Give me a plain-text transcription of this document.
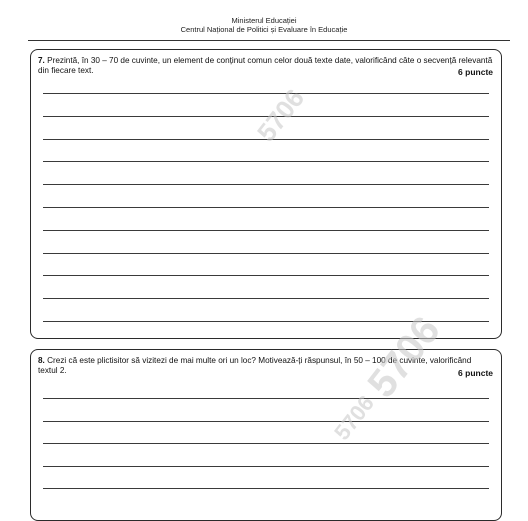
Ministerul Educației
Centrul Național de Politici și Evaluare în Educație
7. Prezintă, în 30 – 70 de cuvinte, un element de conținut comun celor două texte date, valorificând câte o secvență relevantă din fiecare text.	6 puncte
8. Crezi că este plictisitor să vizitezi de mai multe ori un loc? Motivează-ți răspunsul, în 50 – 100 de cuvinte, valorificând textul 2.	6 puncte
5706
5706
5706
